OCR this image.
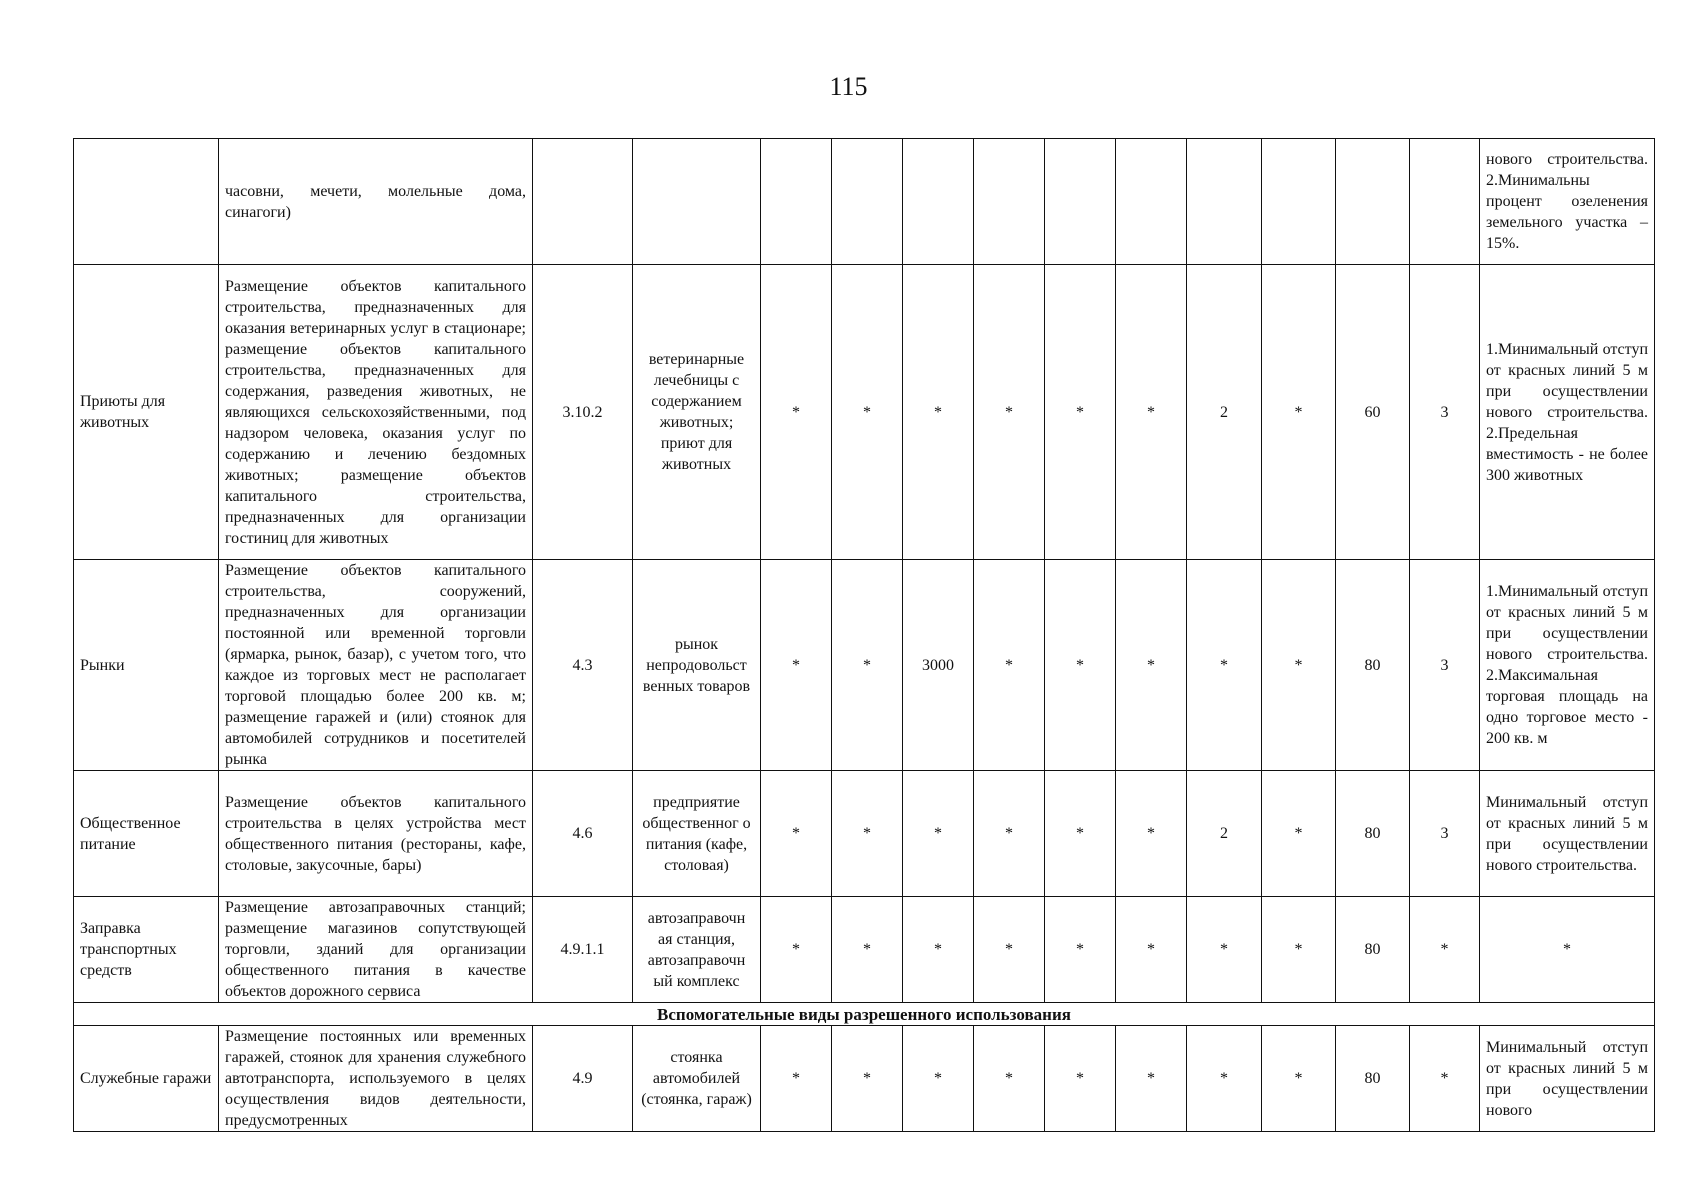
115
	часовни, мечети, молельные дома, синагоги)													нового строительства. 2.Минимальны процент озеленения земельного участка – 15%.
Приюты для животных	Размещение объектов капитального строительства, предназначенных для оказания ветеринарных услуг в стационаре; размещение объектов капитального строительства, предназначенных для содержания, разведения животных, не являющихся сельскохозяйственными, под надзором человека, оказания услуг по содержанию и лечению бездомных животных; размещение объектов капитального строительства, предназначенных для организации гостиниц для животных	3.10.2	ветеринарные лечебницы с содержанием животных; приют для животных	*	*	*	*	*	*	2	*	60	3	1.Минимальный отступ от красных линий 5 м при осуществлении нового строительства. 2.Предельная вместимость - не более 300 животных
Рынки	Размещение объектов капитального строительства, сооружений, предназначенных для организации постоянной или временной торговли (ярмарка, рынок, базар), с учетом того, что каждое из торговых мест не располагает торговой площадью более 200 кв. м; размещение гаражей и (или) стоянок для автомобилей сотрудников и посетителей рынка	4.3	рынок непродовольст венных товаров	*	*	3000	*	*	*	*	*	80	3	1.Минимальный отступ от красных линий 5 м при осуществлении нового строительства. 2.Максимальная торговая площадь на одно торговое место - 200 кв. м
Общественное питание	Размещение объектов капитального строительства в целях устройства мест общественного питания (рестораны, кафе, столовые, закусочные, бары)	4.6	предприятие общественног о питания (кафе, столовая)	*	*	*	*	*	*	2	*	80	3	Минимальный отступ от красных линий 5 м при осуществлении нового строительства.
Заправка транспортных средств	Размещение автозаправочных станций; размещение магазинов сопутствующей торговли, зданий для организации общественного питания в качестве объектов дорожного сервиса	4.9.1.1	автозаправочн ая станция, автозаправочн ый комплекс	*	*	*	*	*	*	*	*	80	*	*
Вспомогательные виды разрешенного использования														
Служебные гаражи	Размещение постоянных или временных гаражей, стоянок для хранения служебного автотранспорта, используемого в целях осуществления видов деятельности, предусмотренных	4.9	стоянка автомобилей (стоянка, гараж)	*	*	*	*	*	*	*	*	80	*	Минимальный отступ от красных линий 5 м при осуществлении нового
